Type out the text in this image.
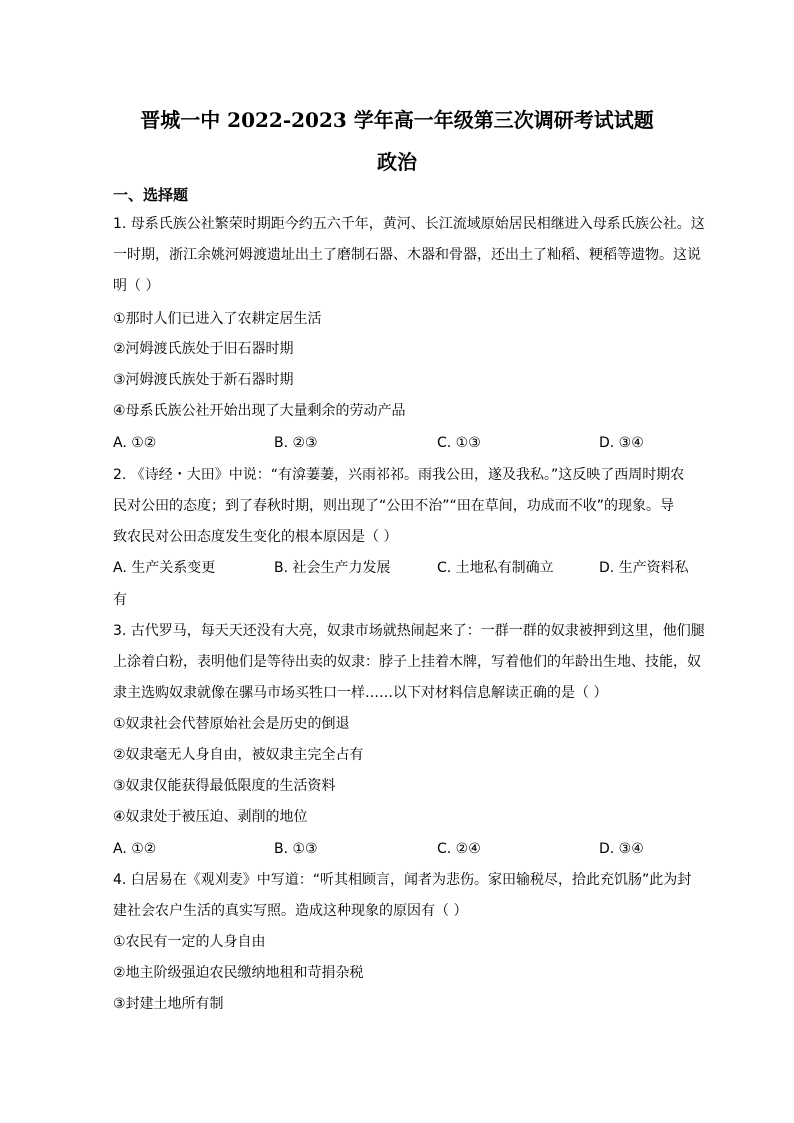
晋城一中 2022-2023 学年高一年级第三次调研考试试题
政治
一、选择题
1. 母系氏族公社繁荣时期距今约五六千年，黄河、长江流域原始居民相继进入母系氏族公社。这
一时期，浙江余姚河姆渡遗址出土了磨制石器、木器和骨器，还出土了籼稻、粳稻等遗物。这说
明（ ）
①那时人们已进入了农耕定居生活
②河姆渡氏族处于旧石器时期
③河姆渡氏族处于新石器时期
④母系氏族公社开始出现了大量剩余的劳动产品
A. ①②	B. ②③	C. ①③	D. ③④
2. 《诗经・大田》中说：“有渰萋萋，兴雨祁祁。雨我公田，遂及我私。”这反映了西周时期农
民对公田的态度；到了春秋时期，则出现了“公田不治”“田在草间，功成而不收”的现象。导
致农民对公田态度发生变化的根本原因是（ ）
A. 生产关系变更	B. 社会生产力发展	C. 土地私有制确立	D. 生产资料私
有
3. 古代罗马，每天天还没有大亮，奴隶市场就热闹起来了：一群一群的奴隶被押到这里，他们腿
上涂着白粉，表明他们是等待出卖的奴隶：脖子上挂着木牌，写着他们的年龄出生地、技能，奴
隶主选购奴隶就像在骡马市场买牲口一样……以下对材料信息解读正确的是（ ）
①奴隶社会代替原始社会是历史的倒退
②奴隶毫无人身自由，被奴隶主完全占有
③奴隶仅能获得最低限度的生活资料
④奴隶处于被压迫、剥削的地位
A. ①②	B. ①③	C. ②④	D. ③④
4. 白居易在《观刈麦》中写道：“听其相顾言，闻者为悲伤。家田输税尽，拾此充饥肠”此为封
建社会农户生活的真实写照。造成这种现象的原因有（ ）
①农民有一定的人身自由
②地主阶级强迫农民缴纳地租和苛捐杂税
③封建土地所有制
